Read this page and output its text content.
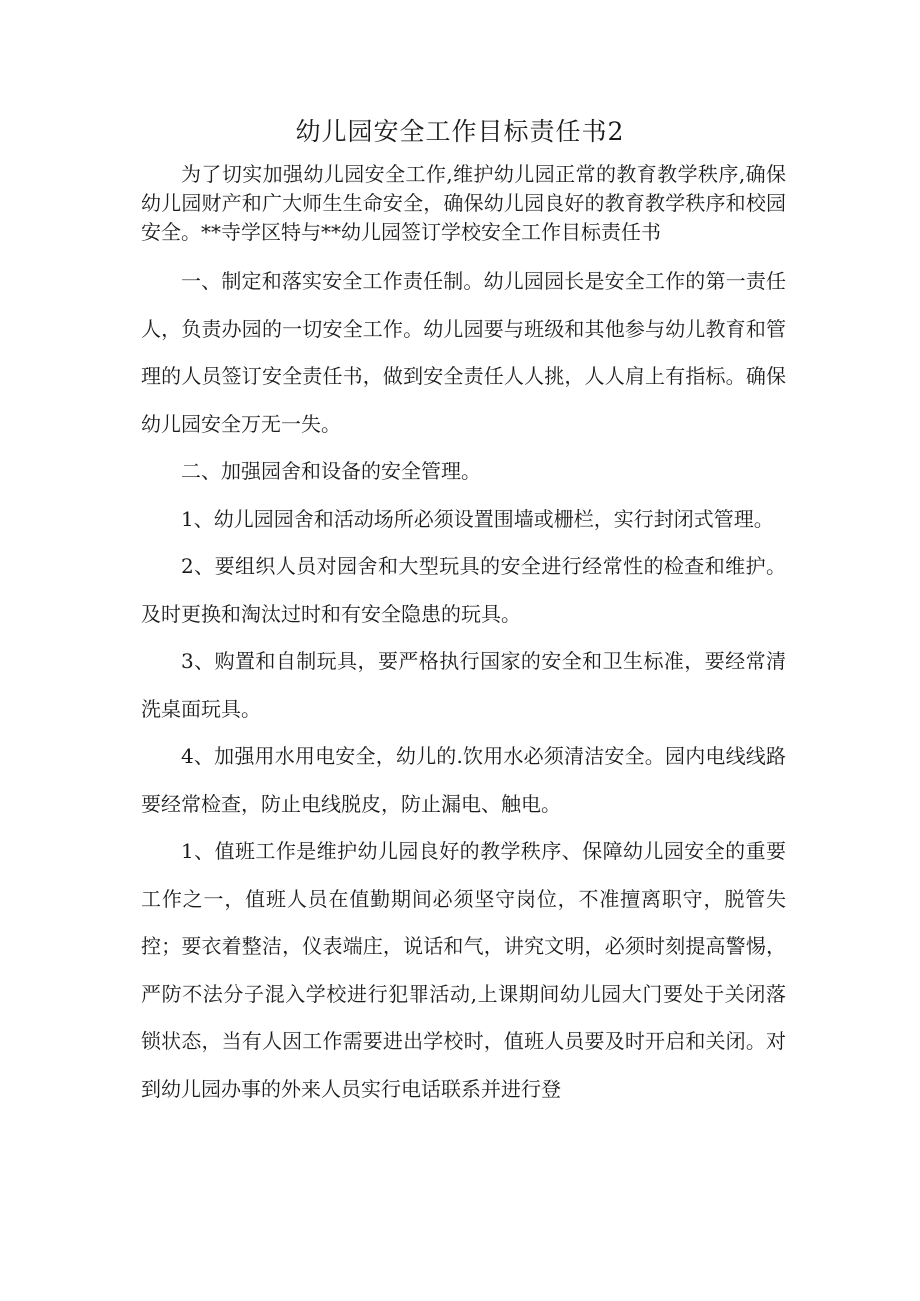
幼儿园安全工作目标责任书2

为了切实加强幼儿园安全工作,维护幼儿园正常的教育教学秩序,确保幼儿园财产和广大师生生命安全，确保幼儿园良好的教育教学秩序和校园安全。**寺学区特与**幼儿园签订学校安全工作目标责任书

一、制定和落实安全工作责任制。幼儿园园长是安全工作的第一责任人，负责办园的一切安全工作。幼儿园要与班级和其他参与幼儿教育和管理的人员签订安全责任书，做到安全责任人人挑，人人肩上有指标。确保幼儿园安全万无一失。

二、加强园舍和设备的安全管理。

1、幼儿园园舍和活动场所必须设置围墙或栅栏，实行封闭式管理。

2、要组织人员对园舍和大型玩具的安全进行经常性的检查和维护。及时更换和淘汰过时和有安全隐患的玩具。

3、购置和自制玩具，要严格执行国家的安全和卫生标准，要经常清洗桌面玩具。

4、加强用水用电安全，幼儿的.饮用水必须清洁安全。园内电线线路要经常检查，防止电线脱皮，防止漏电、触电。

1、值班工作是维护幼儿园良好的教学秩序、保障幼儿园安全的重要工作之一，值班人员在值勤期间必须坚守岗位，不准擅离职守，脱管失控；要衣着整洁，仪表端庄，说话和气，讲究文明，必须时刻提高警惕，严防不法分子混入学校进行犯罪活动,上课期间幼儿园大门要处于关闭落锁状态，当有人因工作需要进出学校时，值班人员要及时开启和关闭。对到幼儿园办事的外来人员实行电话联系并进行登
